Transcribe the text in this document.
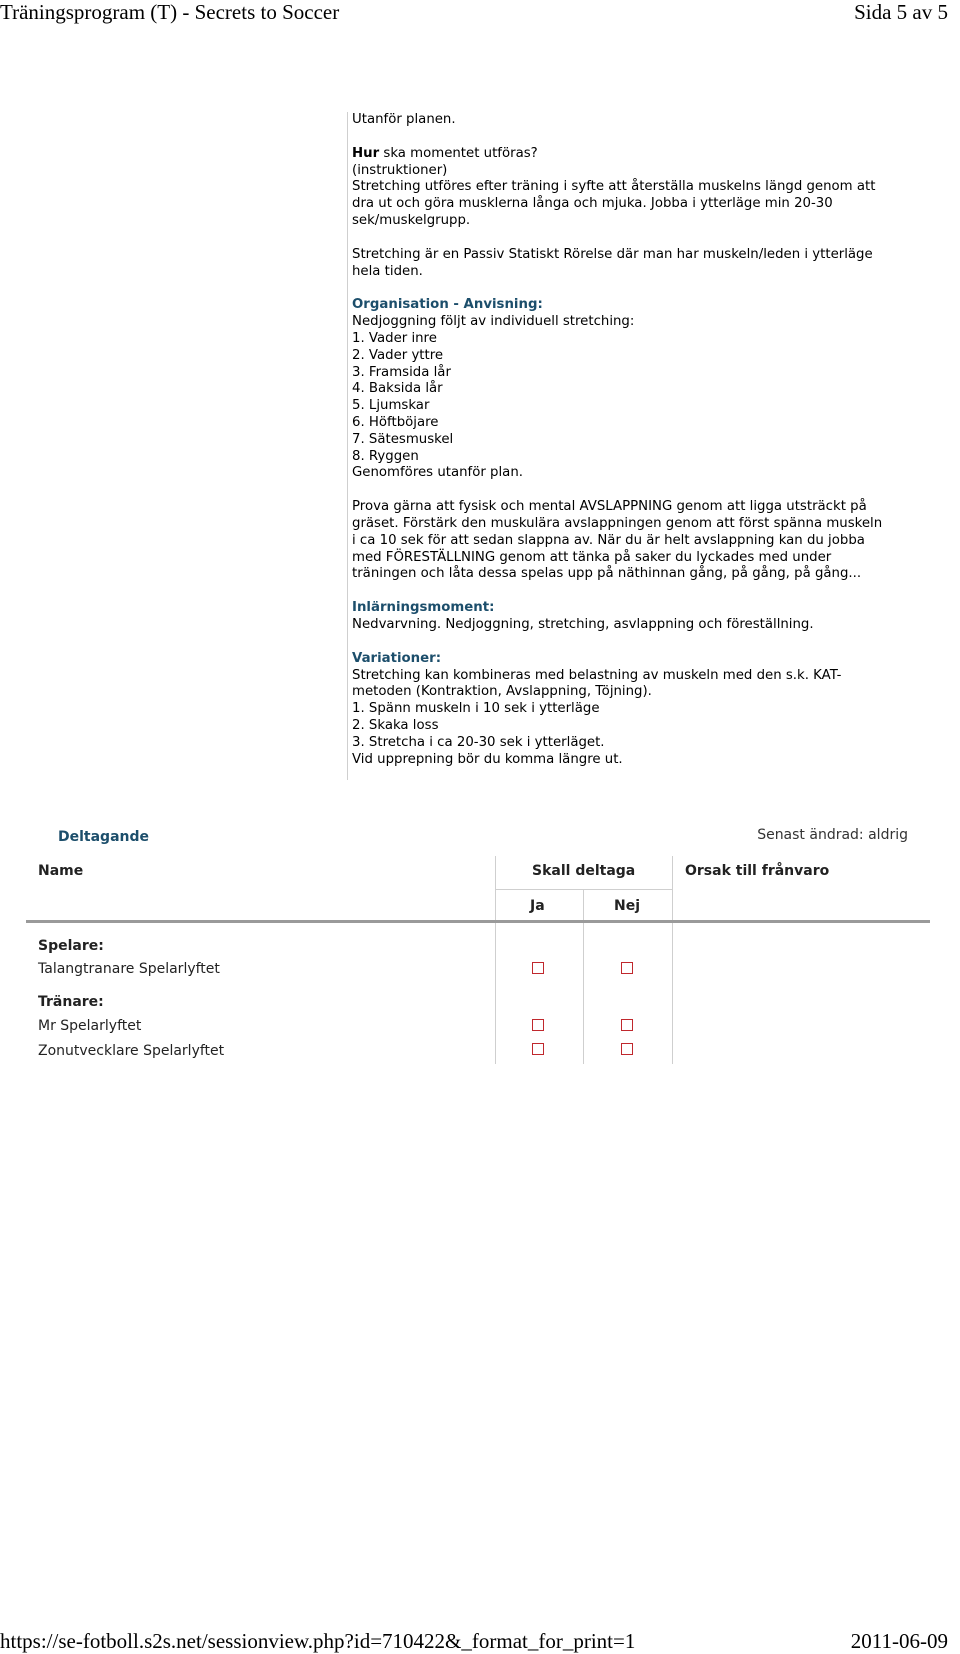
Träningsprogram (T) - Secrets to Soccer	Sida 5 av 5

Utanför planen.

Hur ska momentet utföras?

(instruktioner)

Stretching utföres efter träning i syfte att återställa muskelns längd genom att

dra ut och göra musklerna långa och mjuka. Jobba i ytterläge min 20-30

sek/muskelgrupp.

Stretching är en Passiv Statiskt Rörelse där man har muskeln/leden i ytterläge

hela tiden.

Organisation - Anvisning:

Nedjoggning följt av individuell stretching:

1. Vader inre

2. Vader yttre

3. Framsida lår

4. Baksida lår

5. Ljumskar

6. Höftböjare

7. Sätesmuskel

8. Ryggen

Genomföres utanför plan.

Prova gärna att fysisk och mental AVSLAPPNING genom att ligga utsträckt på

gräset. Förstärk den muskulära avslappningen genom att först spänna muskeln

i ca 10 sek för att sedan slappna av. När du är helt avslappning kan du jobba

med FÖRESTÄLLNING genom att tänka på saker du lyckades med under

träningen och låta dessa spelas upp på näthinnan gång, på gång, på gång...

Inlärningsmoment:

Nedvarvning. Nedjoggning, stretching, asvlappning och föreställning.

Variationer:

Stretching kan kombineras med belastning av muskeln med den s.k. KAT-

metoden (Kontraktion, Avslappning, Töjning).

1. Spänn muskeln i 10 sek i ytterläge

2. Skaka loss

3. Stretcha i ca 20-30 sek i ytterläget.

Vid upprepning bör du komma längre ut.

Deltagande	Senast ändrad: aldrig
Name	Skall deltaga	Orsak till frånvaro
Ja	Nej
Spelare:
Talangtranare Spelarlyftet
Tränare:
Mr Spelarlyftet
Zonutvecklare Spelarlyftet
https://se-fotboll.s2s.net/sessionview.php?id=710422&_format_for_print=1	2011-06-09
